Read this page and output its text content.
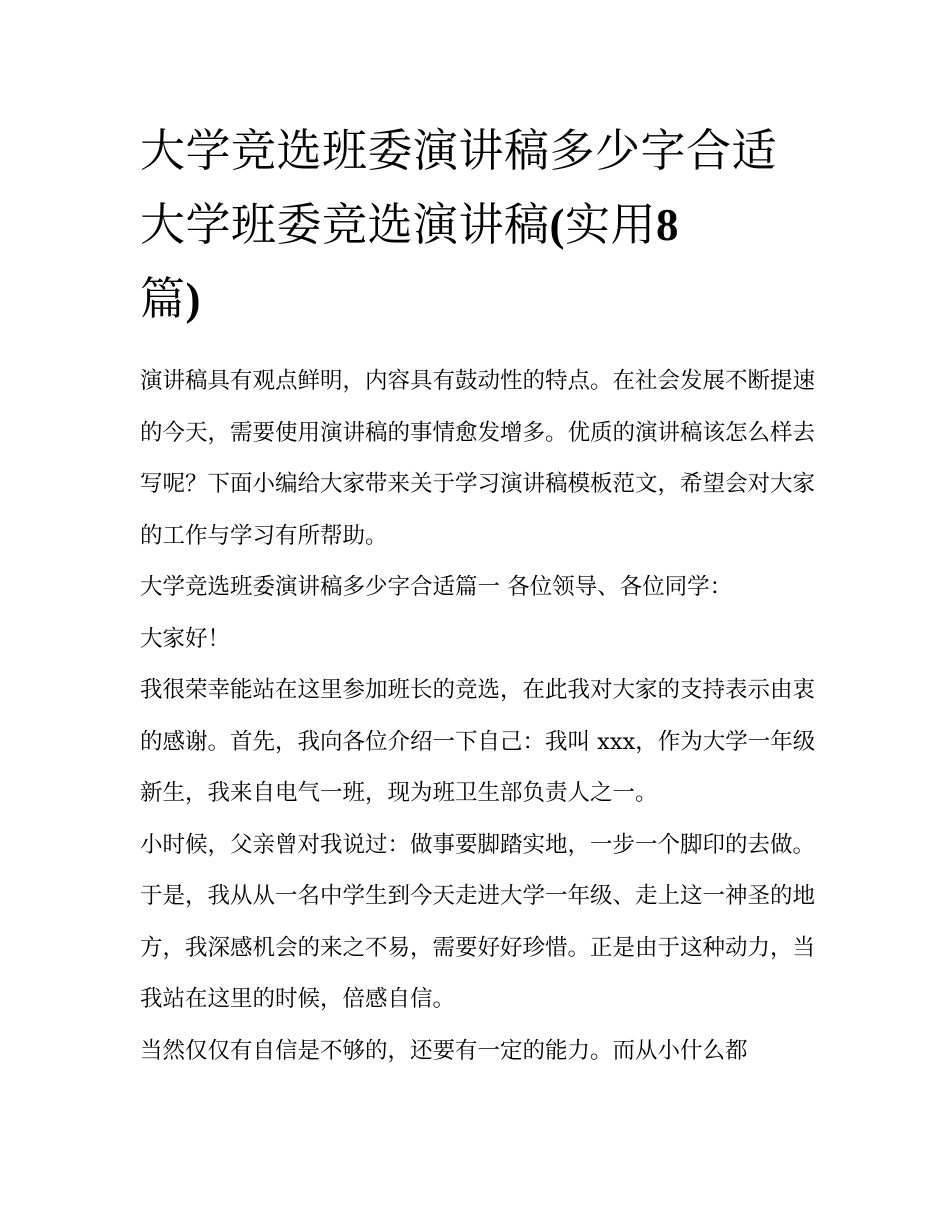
大学竞选班委演讲稿多少字合适 大学班委竞选演讲稿(实用8
篇)

演讲稿具有观点鲜明，内容具有鼓动性的特点。在社会发展不断提速的今天，需要使用演讲稿的事情愈发增多。优质的演讲稿该怎么样去写呢？下面小编给大家带来关于学习演讲稿模板范文，希望会对大家的工作与学习有所帮助。

大学竞选班委演讲稿多少字合适篇一 各位领导、各位同学：

大家好！

我很荣幸能站在这里参加班长的竞选，在此我对大家的支持表示由衷的感谢。首先，我向各位介绍一下自己：我叫 xxx，作为大学一年级新生，我来自电气一班，现为班卫生部负责人之一。

小时候，父亲曾对我说过：做事要脚踏实地，一步一个脚印的去做。于是，我从从一名中学生到今天走进大学一年级、走上这一神圣的地方，我深感机会的来之不易，需要好好珍惜。正是由于这种动力，当我站在这里的时候，倍感自信。

当然仅仅有自信是不够的，还要有一定的能力。而从小什么都
